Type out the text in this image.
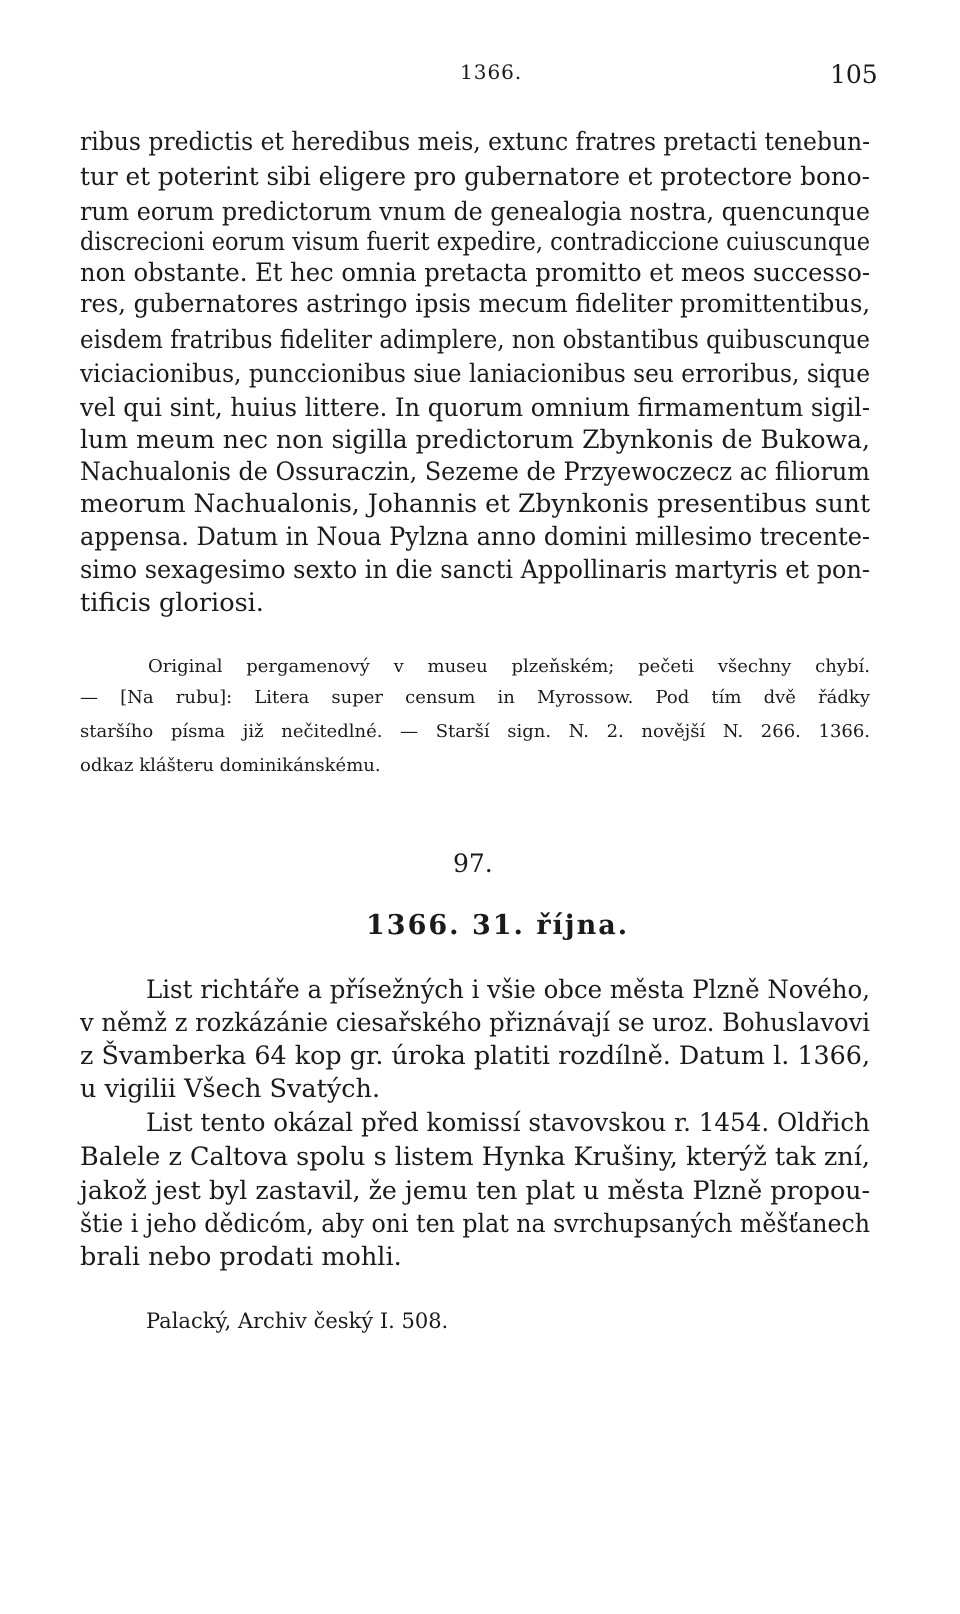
1366.	105
ribus predictis et heredibus meis, extunc fratres pretacti tenebun-
tur et poterint sibi eligere pro gubernatore et protectore bono-
rum eorum predictorum vnum de genealogia nostra, quencunque
discrecioni eorum visum fuerit expedire, contradiccione cuiuscunque
non obstante. Et hec omnia pretacta promitto et meos successo-
res, gubernatores astringo ipsis mecum fideliter promittentibus,
eisdem fratribus fideliter adimplere, non obstantibus quibuscunque
viciacionibus, punccionibus siue laniacionibus seu erroribus, sique
vel qui sint, huius littere. In quorum omnium firmamentum sigil-
lum meum nec non sigilla predictorum Zbynkonis de Bukowa,
Nachualonis de Ossuraczin, Sezeme de Przyewoczecz ac filiorum
meorum Nachualonis, Johannis et Zbynkonis presentibus sunt
appensa. Datum in Noua Pylzna anno domini millesimo trecente-
simo sexagesimo sexto in die sancti Appollinaris martyris et pon-
tificis gloriosi.
Original pergamenový v museu plzeňském; pečeti všechny chybí.
— [Na rubu]: Litera super censum in Myrossow. Pod tím dvě řádky
staršího písma již nečitedlné. — Starší sign. N. 2. novější N. 266. 1366.
odkaz klášteru dominikánskému.
97.
1366. 31. října.
List richtáře a přísežných i všie obce města Plzně Nového,
v němž z rozkázánie ciesařského přiznávají se uroz. Bohuslavovi
z Švamberka 64 kop gr. úroka platiti rozdílně. Datum l. 1366,
u vigilii Všech Svatých.
List tento okázal před komissí stavovskou r. 1454. Oldřich
Balele z Caltova spolu s listem Hynka Krušiny, kterýž tak zní,
jakož jest byl zastavil, že jemu ten plat u města Plzně propou-
štie i jeho dědicóm, aby oni ten plat na svrchupsaných měšťanech
brali nebo prodati mohli.
Palacký, Archiv český I. 508.
